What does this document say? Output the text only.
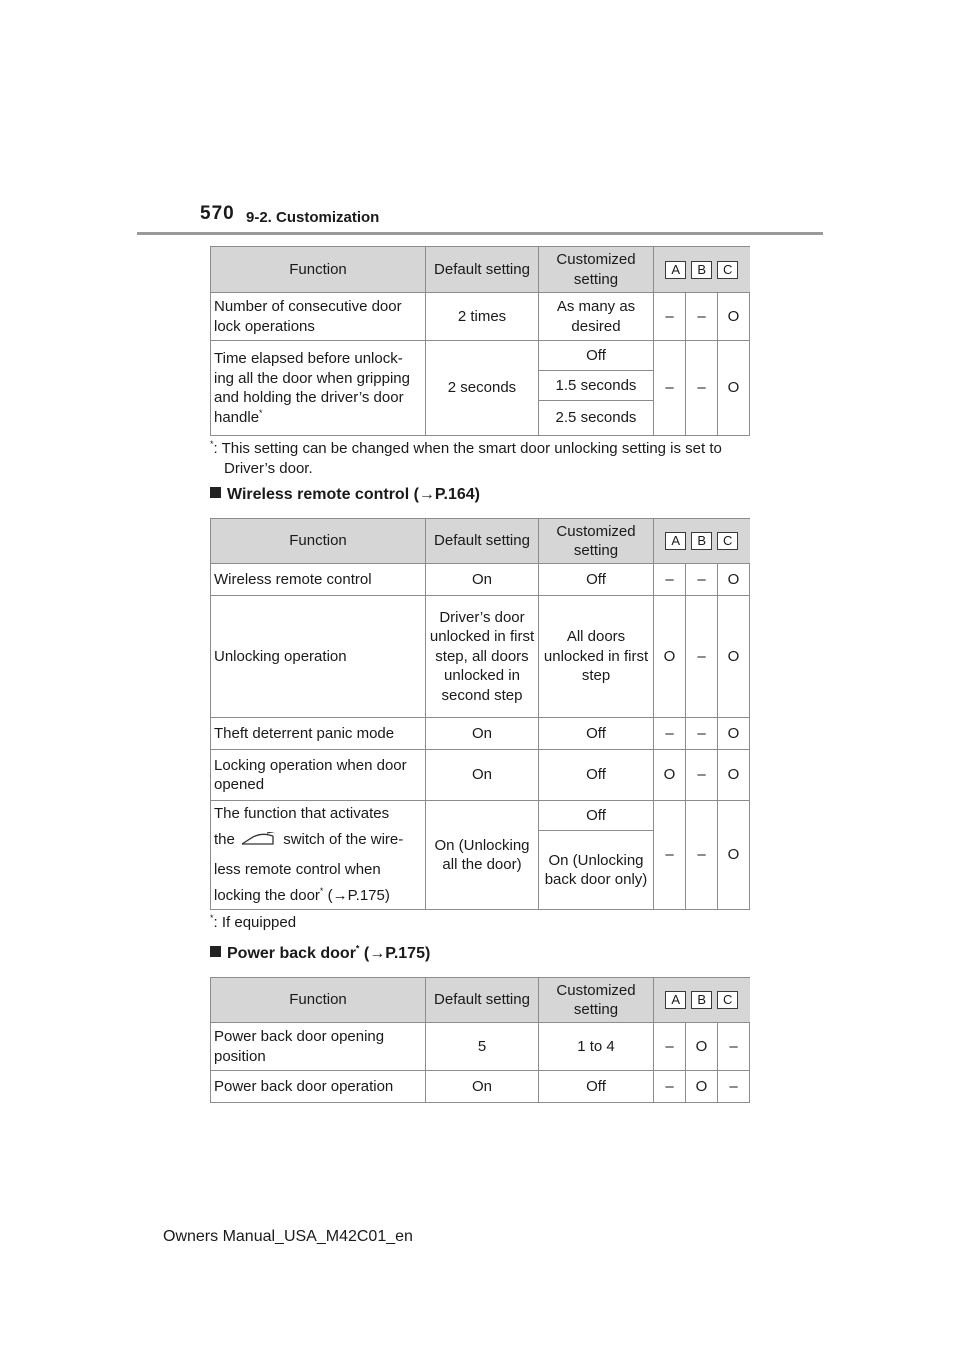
570 9-2. Customization
Function	Default setting	Customized setting	A B C		

Number of consecutive door lock operations	2 times	As many as desired	–	–	O
Time elapsed before unlock-ing all the door when gripping and holding the driver’s door handle*	2 seconds	Off	–	–	O
		1.5 seconds			
		2.5 seconds			
*: This setting can be changed when the smart door unlocking setting is set to Driver’s door.
Wireless remote control (→P.164)
Function	Default setting	Customized setting	A B C		

Wireless remote control	On	Off	–	–	O
Unlocking operation	Driver’s door unlocked in first step, all doors unlocked in second step	All doors unlocked in first step	O	–	O
Theft deterrent panic mode	On	Off	–	–	O
Locking operation when door opened	On	Off	O	–	O
The function that activates
the switch of the wire-
less remote control when
locking the door* (→P.175)	On (Unlocking all the door)	Off	–	–	O
		On (Unlocking back door only)			
*: If equipped
Power back door* (→P.175)
Function	Default setting	Customized setting	A B C		

Power back door opening position	5	1 to 4	–	O	–
Power back door operation	On	Off	–	O	–
Owners Manual_USA_M42C01_en
